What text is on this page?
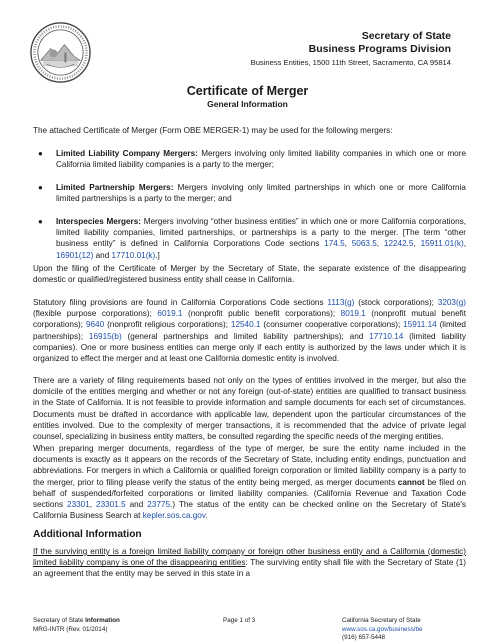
Secretary of State
Business Programs Division
Business Entities, 1500 11th Street, Sacramento, CA 95814
Certificate of Merger
General Information

The attached Certificate of Merger (Form OBE MERGER-1) may be used for the following mergers:

● Limited Liability Company Mergers: Mergers involving only limited liability companies in which one or more California limited liability companies is a party to the merger;

● Limited Partnership Mergers: Mergers involving only limited partnerships in which one or more California limited partnerships is a party to the merger; and

● Interspecies Mergers: Mergers involving “other business entities” in which one or more California corporations, limited liability companies, limited partnerships, or partnerships is a party to the merger. [The term “other business entity” is defined in California Corporations Code sections 174.5, 5063.5, 12242.5, 15911.01(k), 16901(12) and 17710.01(k).]

Upon the filing of the Certificate of Merger by the Secretary of State, the separate existence of the disappearing domestic or qualified/registered business entity shall cease in California.

Statutory filing provisions are found in California Corporations Code sections 1113(g) (stock corporations); 3203(g) (flexible purpose corporations); 6019.1 (nonprofit public benefit corporations); 8019.1 (nonprofit mutual benefit corporations); 9640 (nonprofit religious corporations); 12540.1 (consumer cooperative corporations); 15911.14 (limited partnerships); 16915(b) (general partnerships and limited liability partnerships); and 17710.14 (limited liability companies). One or more business entities can merge only if each entity is authorized by the laws under which it is organized to effect the merger and at least one California domestic entity is involved.

There are a variety of filing requirements based not only on the types of entities involved in the merger, but also the domicile of the entities merging and whether or not any foreign (out-of-state) entities are qualified to transact business in the State of California. It is not feasible to provide information and sample documents for each set of circumstances. Documents must be drafted in accordance with applicable law, dependent upon the particular circumstances of the entities involved. Due to the complexity of merger transactions, it is recommended that the advice of private legal counsel, specializing in business entity matters, be consulted regarding the specific needs of the merging entities.

When preparing merger documents, regardless of the type of merger, be sure the entity name included in the documents is exactly as it appears on the records of the Secretary of State, including entity endings, punctuation and abbreviations. For mergers in which a California or qualified foreign corporation or limited liability company is a party to the merger, prior to filing please verify the status of the entity being merged, as merger documents cannot be filed on behalf of suspended/forfeited corporations or limited liability companies. (California Revenue and Taxation Code sections 23301, 23301.5 and 23775.) The status of the entity can be checked online on the Secretary of State's California Business Search at kepler.sos.ca.gov.

Additional Information

If the surviving entity is a foreign limited liability company or foreign other business entity and a California (domestic) limited liability company is one of the disappearing entities: The surviving entity shall file with the Secretary of State (1) an agreement that the entity may be served in this state in a

Secretary of State Information
MRG-INTR (Rev. 01/2014)
Page 1 of 3	California Secretary of State
www.sos.ca.gov/business/be
(916) 657-5448
